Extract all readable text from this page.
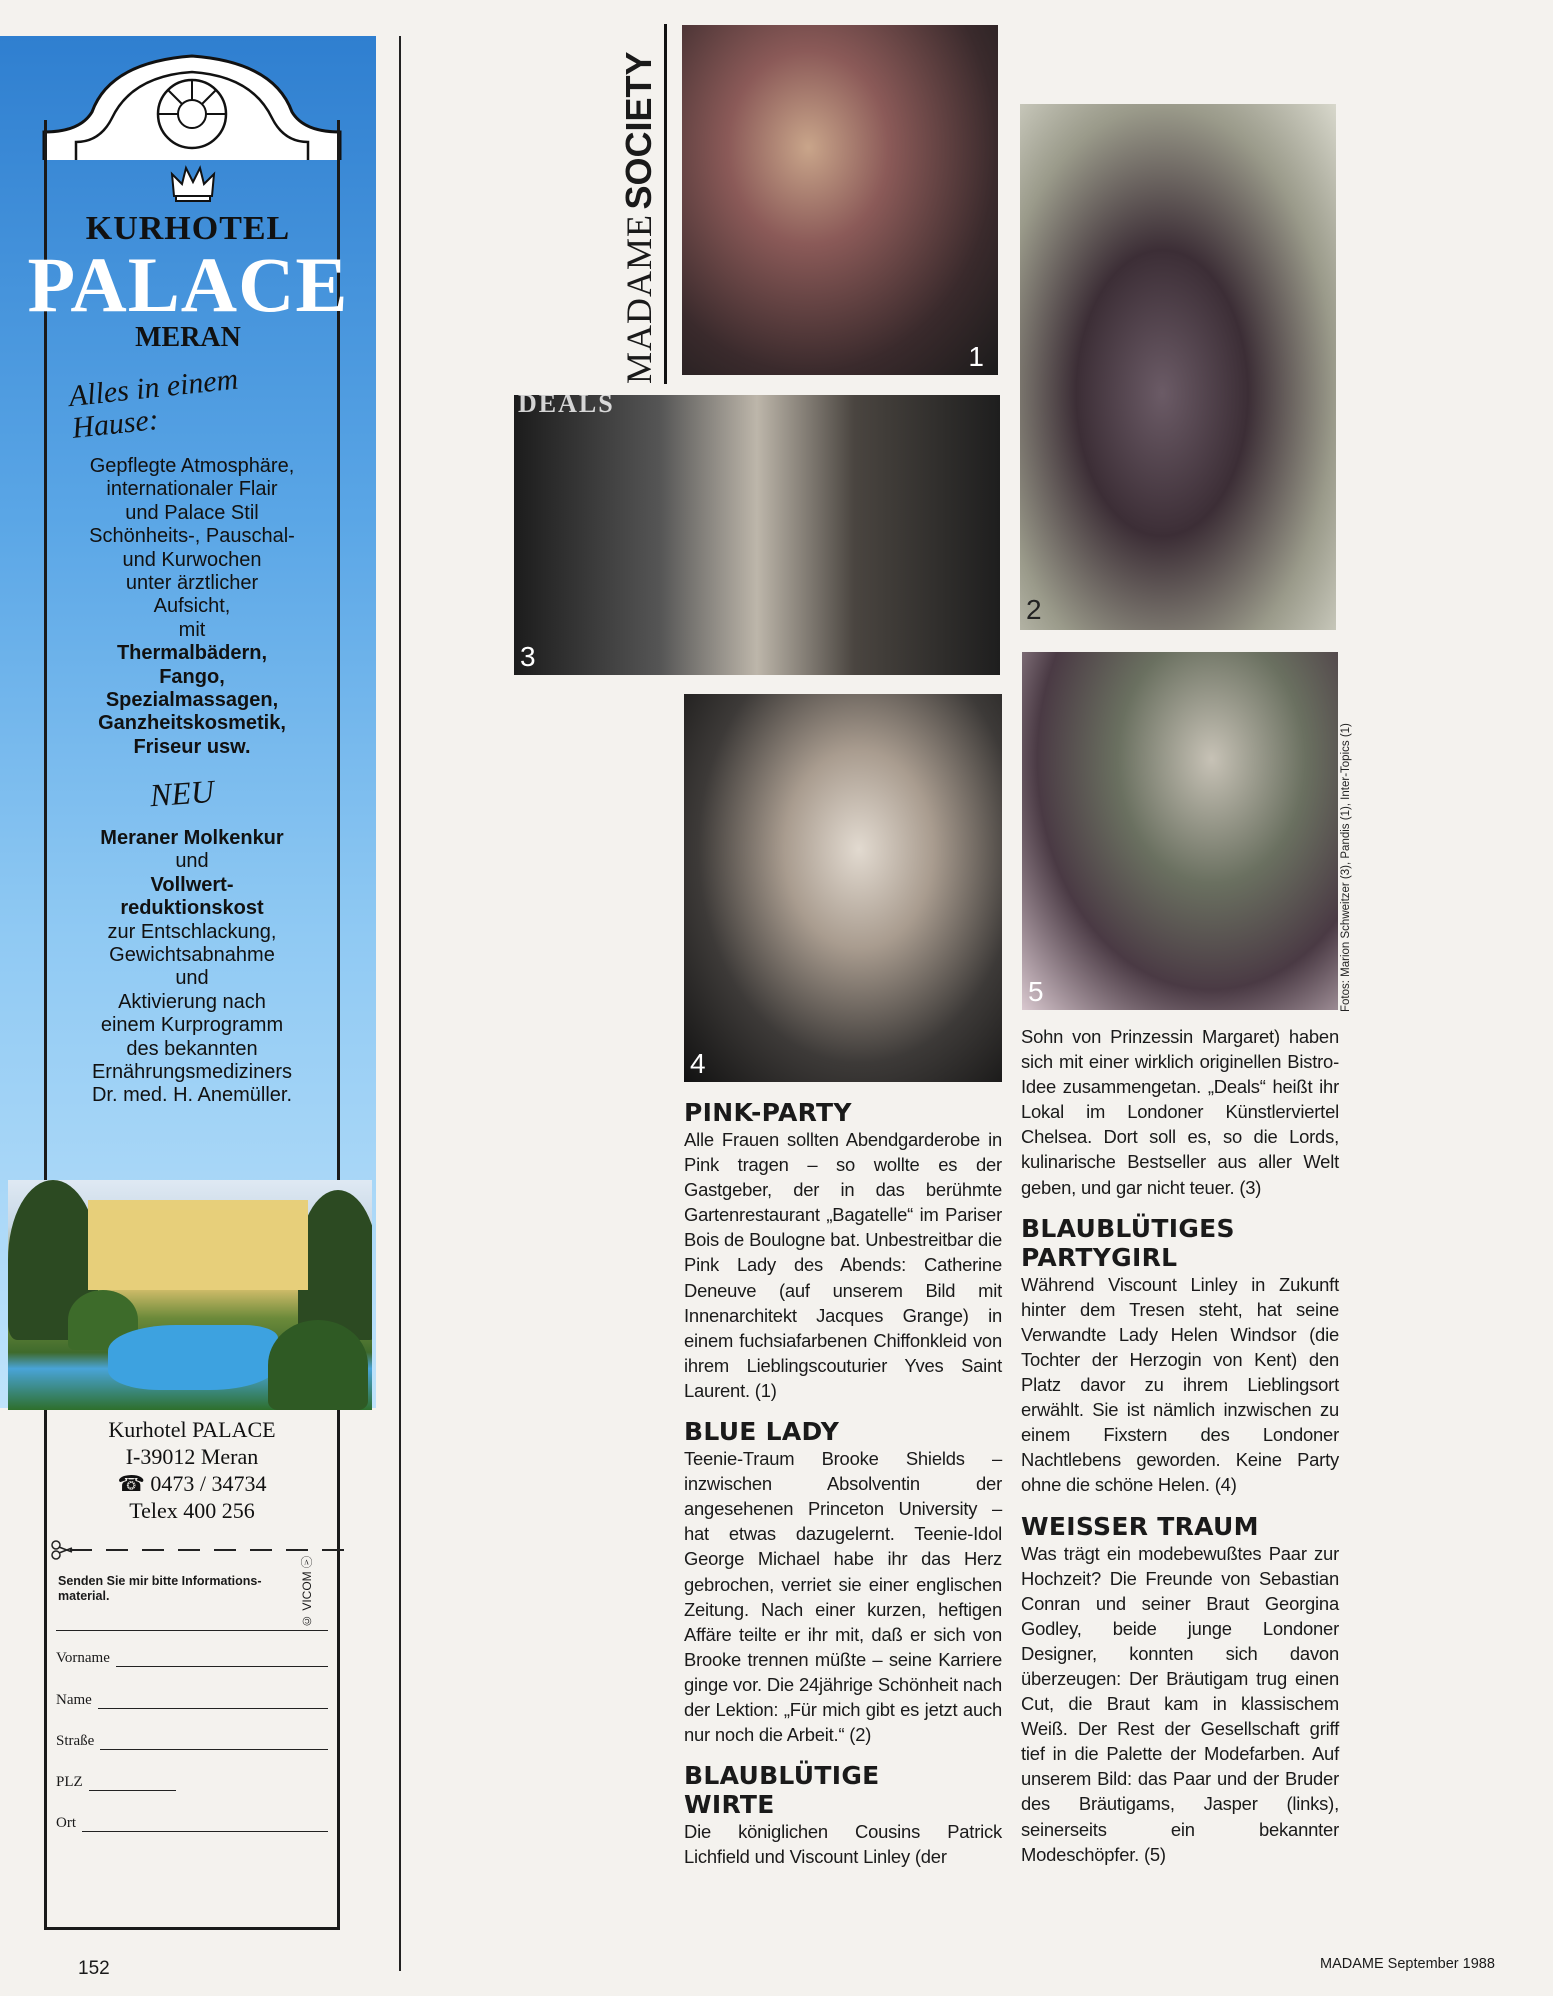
KURHOTEL
PALACE
MERAN
Alles in einem Hause:
Gepflegte Atmosphäre,
internationaler Flair
und Palace Stil
Schönheits-, Pauschal-
und Kurwochen
unter ärztlicher
Aufsicht,
mit
Thermalbädern,
Fango,
Spezialmassagen,
Ganzheitskosmetik,
Friseur usw.
NEU
Meraner Molkenkur
und
Vollwert-
reduktionskost
zur Entschlackung,
Gewichtsabnahme
und
Aktivierung nach
einem Kurprogramm
des bekannten
Ernährungsmediziners
Dr. med. H. Anemüller.
Kurhotel PALACE
I-39012 Meran
☎ 0473 / 34734
Telex 400 256
Senden Sie mir bitte Informations-material.	© VICOM ⓥ
Vorname
Name
Straße
PLZ
Ort
152
MADAME SOCIETY
1
2
DEALS
3
4
5	Fotos: Marion Schweitzer (3), Pandis (1), Inter-Topics (1)
PINK-PARTY

Alle Frauen sollten Abendgarderobe in Pink tragen – so wollte es der Gastgeber, der in das berühmte Gartenrestaurant „Bagatelle“ im Pariser Bois de Boulogne bat. Unbestreitbar die Pink Lady des Abends: Catherine Deneuve (auf unserem Bild mit Innenarchitekt Jacques Grange) in einem fuchsiafarbenen Chiffonkleid von ihrem Lieblingscouturier Yves Saint Laurent. (1)

BLUE LADY

Teenie-Traum Brooke Shields – inzwischen Absolventin der angesehenen Princeton University – hat etwas dazugelernt. Teenie-Idol George Michael habe ihr das Herz gebrochen, verriet sie einer englischen Zeitung. Nach einer kurzen, heftigen Affäre teilte er ihr mit, daß er sich von Brooke trennen müßte – seine Karriere ginge vor. Die 24jährige Schönheit nach der Lektion: „Für mich gibt es jetzt auch nur noch die Arbeit.“ (2)

BLAUBLÜTIGE
WIRTE

Die königlichen Cousins Patrick Lichfield und Viscount Linley (der

Sohn von Prinzessin Margaret) haben sich mit einer wirklich originellen Bistro-Idee zusammengetan. „Deals“ heißt ihr Lokal im Londoner Künstlerviertel Chelsea. Dort soll es, so die Lords, kulinarische Bestseller aus aller Welt geben, und gar nicht teuer. (3)

BLAUBLÜTIGES
PARTYGIRL

Während Viscount Linley in Zukunft hinter dem Tresen steht, hat seine Verwandte Lady Helen Windsor (die Tochter der Herzogin von Kent) den Platz davor zu ihrem Lieblingsort erwählt. Sie ist nämlich inzwischen zu einem Fixstern des Londoner Nachtlebens geworden. Keine Party ohne die schöne Helen. (4)

WEISSER TRAUM

Was trägt ein modebewußtes Paar zur Hochzeit? Die Freunde von Sebastian Conran und seiner Braut Georgina Godley, beide junge Londoner Designer, konnten sich davon überzeugen: Der Bräutigam trug einen Cut, die Braut kam in klassischem Weiß. Der Rest der Gesellschaft griff tief in die Palette der Modefarben. Auf unserem Bild: das Paar und der Bruder des Bräutigams, Jasper (links), seinerseits ein bekannter Modeschöpfer. (5)

MADAME September 1988
